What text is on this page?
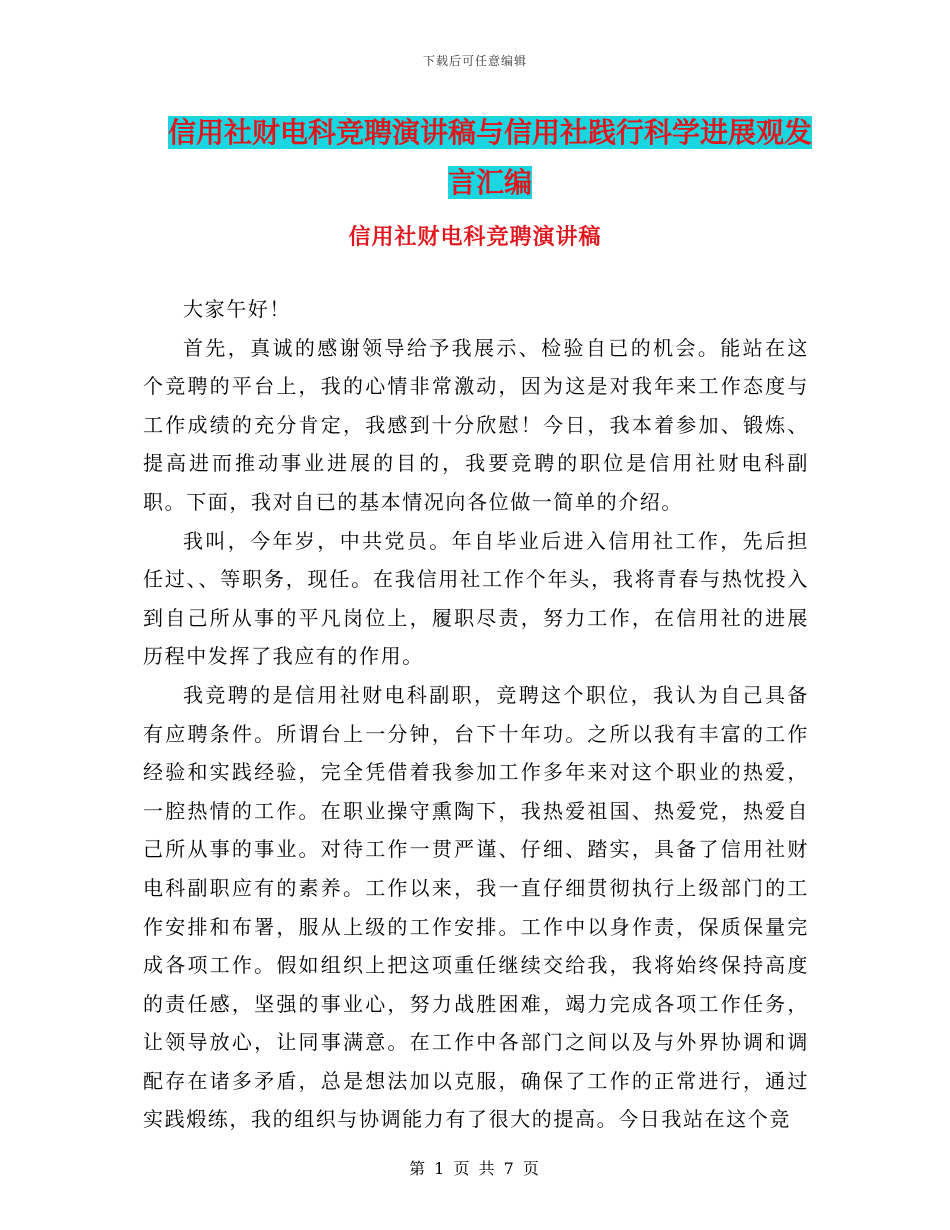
下载后可任意编辑
信用社财电科竞聘演讲稿与信用社践行科学进展观发
言汇编
信用社财电科竞聘演讲稿

大家午好！

首先，真诚的感谢领导给予我展示、检验自已的机会。能站在这个竞聘的平台上，我的心情非常激动，因为这是对我年来工作态度与工作成绩的充分肯定，我感到十分欣慰！今日，我本着参加、锻炼、提高进而推动事业进展的目的，我要竞聘的职位是信用社财电科副职。下面，我对自已的基本情况向各位做一简单的介绍。

我叫，今年岁，中共党员。年自毕业后进入信用社工作，先后担任过、、等职务，现任。在我信用社工作个年头，我将青春与热忱投入到自己所从事的平凡岗位上，履职尽责，努力工作，在信用社的进展历程中发挥了我应有的作用。

我竞聘的是信用社财电科副职，竞聘这个职位，我认为自己具备有应聘条件。所谓台上一分钟，台下十年功。之所以我有丰富的工作经验和实践经验，完全凭借着我参加工作多年来对这个职业的热爱，一腔热情的工作。在职业操守熏陶下，我热爱祖国、热爱党，热爱自己所从事的事业。对待工作一贯严谨、仔细、踏实，具备了信用社财电科副职应有的素养。工作以来，我一直仔细贯彻执行上级部门的工作安排和布署，服从上级的工作安排。工作中以身作责，保质保量完成各项工作。假如组织上把这项重任继续交给我，我将始终保持高度的责任感，坚强的事业心，努力战胜困难，竭力完成各项工作任务，让领导放心，让同事满意。在工作中各部门之间以及与外界协调和调配存在诸多矛盾，总是想法加以克服，确保了工作的正常进行，通过实践煅练，我的组织与协调能力有了很大的提高。今日我站在这个竞

第 1 页 共 7 页
